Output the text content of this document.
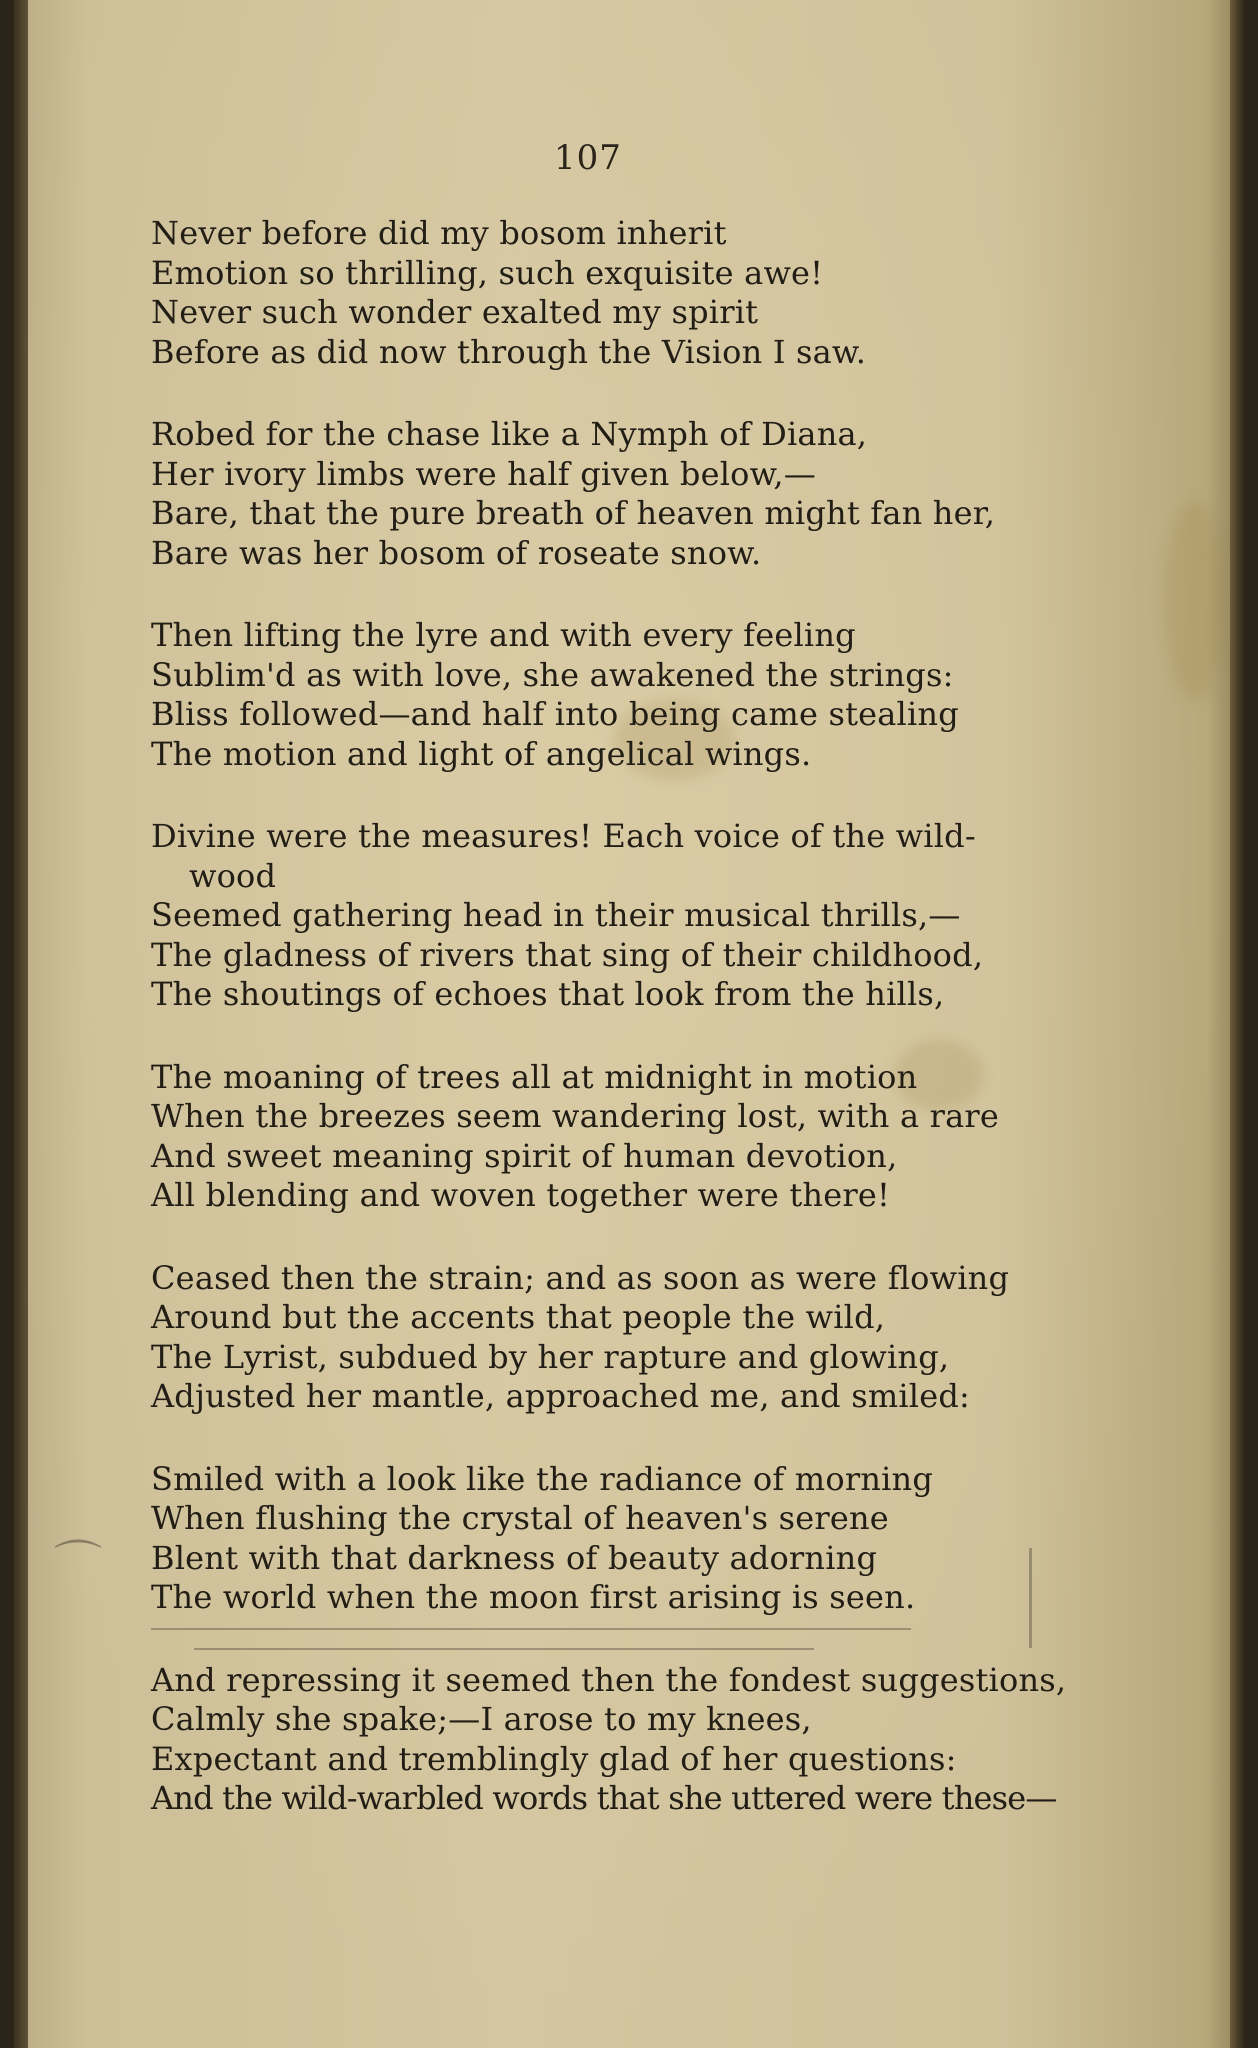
107
Never before did my bosom inherit
Emotion so thrilling, such exquisite awe!
Never such wonder exalted my spirit
Before as did now through the Vision I saw.
Robed for the chase like a Nymph of Diana,
Her ivory limbs were half given below,—
Bare, that the pure breath of heaven might fan her,
Bare was her bosom of roseate snow.
Then lifting the lyre and with every feeling
Sublim'd as with love, she awakened the strings:
Bliss followed—and half into being came stealing
The motion and light of angelical wings.
Divine were the measures! Each voice of the wild-
wood
Seemed gathering head in their musical thrills,—
The gladness of rivers that sing of their childhood,
The shoutings of echoes that look from the hills,
The moaning of trees all at midnight in motion
When the breezes seem wandering lost, with a rare
And sweet meaning spirit of human devotion,
All blending and woven together were there!
Ceased then the strain; and as soon as were flowing
Around but the accents that people the wild,
The Lyrist, subdued by her rapture and glowing,
Adjusted her mantle, approached me, and smiled:
Smiled with a look like the radiance of morning
When flushing the crystal of heaven's serene
Blent with that darkness of beauty adorning
The world when the moon first arising is seen.
And repressing it seemed then the fondest suggestions,
Calmly she spake;—I arose to my knees,
Expectant and tremblingly glad of her questions:
And the wild-warbled words that she uttered were these—
⌒
